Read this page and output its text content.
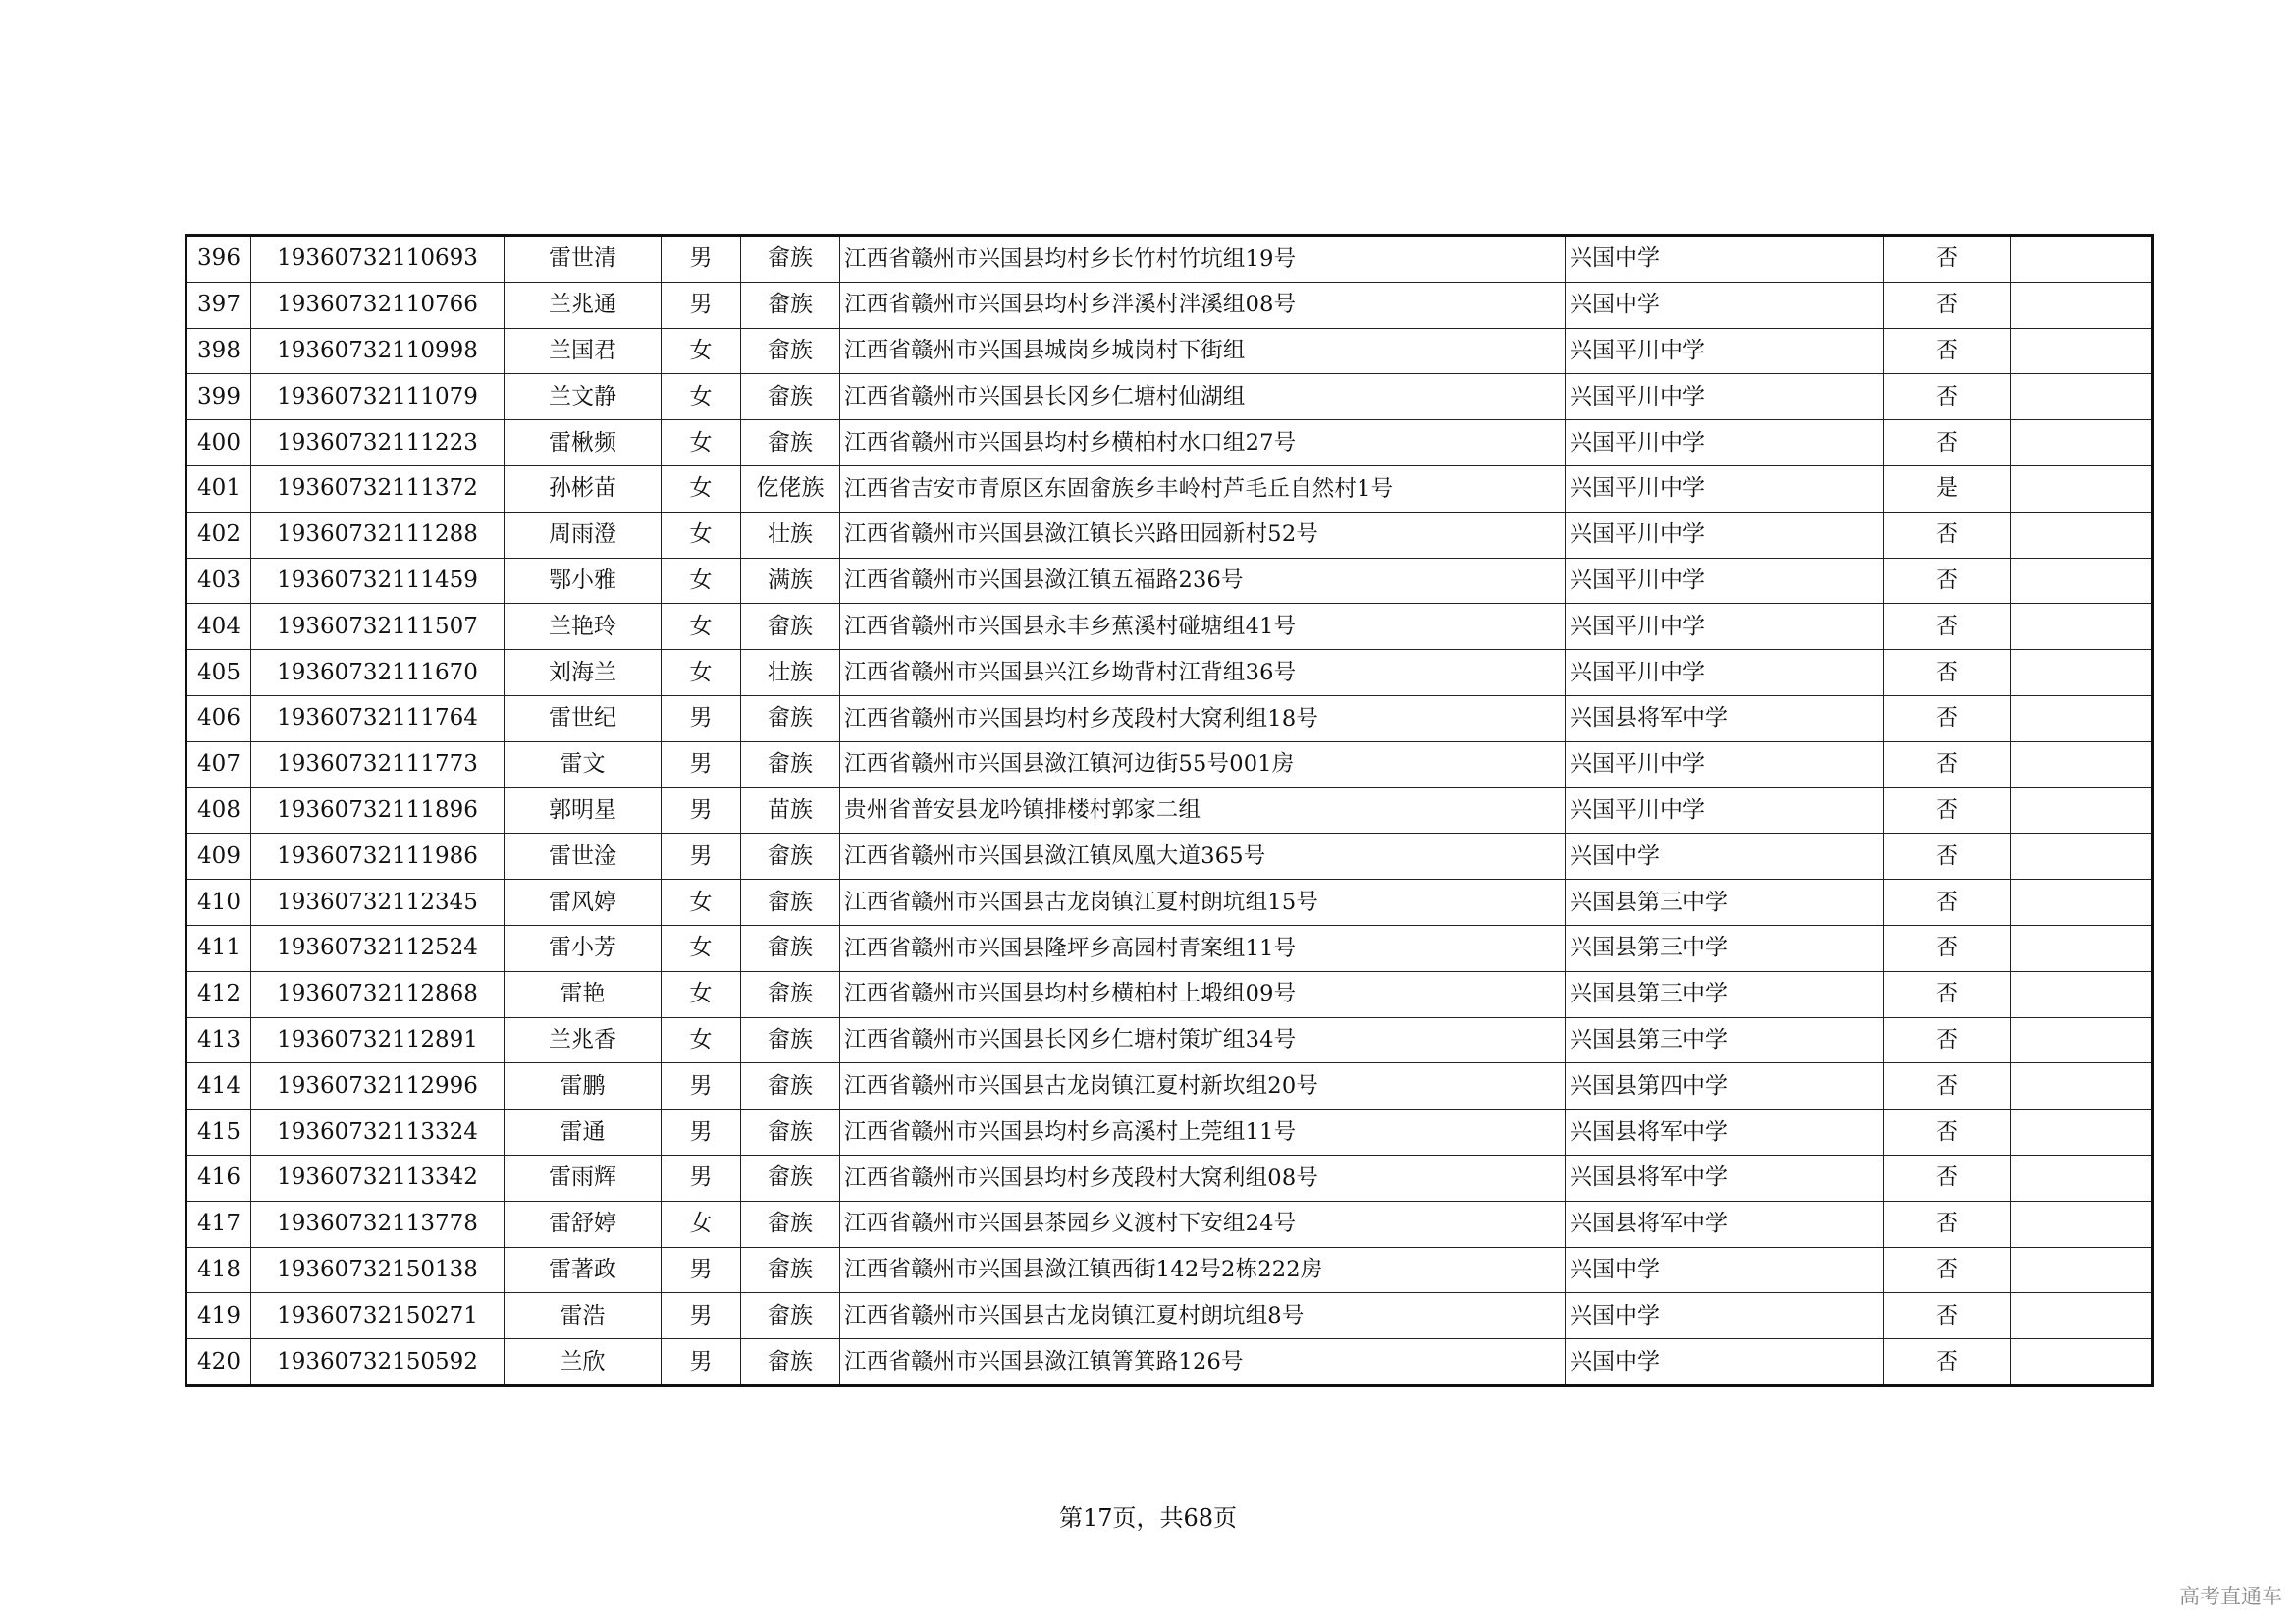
396	19360732110693	雷世清	男	畲族	江西省赣州市兴国县均村乡长竹村竹坑组19号	兴国中学	否	
397	19360732110766	兰兆通	男	畲族	江西省赣州市兴国县均村乡泮溪村泮溪组08号	兴国中学	否	
398	19360732110998	兰国君	女	畲族	江西省赣州市兴国县城岗乡城岗村下街组	兴国平川中学	否	
399	19360732111079	兰文静	女	畲族	江西省赣州市兴国县长冈乡仁塘村仙湖组	兴国平川中学	否	
400	19360732111223	雷楸频	女	畲族	江西省赣州市兴国县均村乡横柏村水口组27号	兴国平川中学	否	
401	19360732111372	孙彬苗	女	仡佬族	江西省吉安市青原区东固畲族乡丰岭村芦毛丘自然村1号	兴国平川中学	是	
402	19360732111288	周雨澄	女	壮族	江西省赣州市兴国县潋江镇长兴路田园新村52号	兴国平川中学	否	
403	19360732111459	鄂小雅	女	满族	江西省赣州市兴国县潋江镇五福路236号	兴国平川中学	否	
404	19360732111507	兰艳玲	女	畲族	江西省赣州市兴国县永丰乡蕉溪村碰塘组41号	兴国平川中学	否	
405	19360732111670	刘海兰	女	壮族	江西省赣州市兴国县兴江乡坳背村江背组36号	兴国平川中学	否	
406	19360732111764	雷世纪	男	畲族	江西省赣州市兴国县均村乡茂段村大窝利组18号	兴国县将军中学	否	
407	19360732111773	雷文	男	畲族	江西省赣州市兴国县潋江镇河边街55号001房	兴国平川中学	否	
408	19360732111896	郭明星	男	苗族	贵州省普安县龙吟镇排楼村郭家二组	兴国平川中学	否	
409	19360732111986	雷世淦	男	畲族	江西省赣州市兴国县潋江镇凤凰大道365号	兴国中学	否	
410	19360732112345	雷风婷	女	畲族	江西省赣州市兴国县古龙岗镇江夏村朗坑组15号	兴国县第三中学	否	
411	19360732112524	雷小芳	女	畲族	江西省赣州市兴国县隆坪乡高园村青案组11号	兴国县第三中学	否	
412	19360732112868	雷艳	女	畲族	江西省赣州市兴国县均村乡横柏村上塅组09号	兴国县第三中学	否	
413	19360732112891	兰兆香	女	畲族	江西省赣州市兴国县长冈乡仁塘村策圹组34号	兴国县第三中学	否	
414	19360732112996	雷鹏	男	畲族	江西省赣州市兴国县古龙岗镇江夏村新坎组20号	兴国县第四中学	否	
415	19360732113324	雷通	男	畲族	江西省赣州市兴国县均村乡高溪村上莞组11号	兴国县将军中学	否	
416	19360732113342	雷雨辉	男	畲族	江西省赣州市兴国县均村乡茂段村大窝利组08号	兴国县将军中学	否	
417	19360732113778	雷舒婷	女	畲族	江西省赣州市兴国县茶园乡义渡村下安组24号	兴国县将军中学	否	
418	19360732150138	雷著政	男	畲族	江西省赣州市兴国县潋江镇西街142号2栋222房	兴国中学	否	
419	19360732150271	雷浩	男	畲族	江西省赣州市兴国县古龙岗镇江夏村朗坑组8号	兴国中学	否	
420	19360732150592	兰欣	男	畲族	江西省赣州市兴国县潋江镇箐箕路126号	兴国中学	否	
第17页，共68页
高考直通车
